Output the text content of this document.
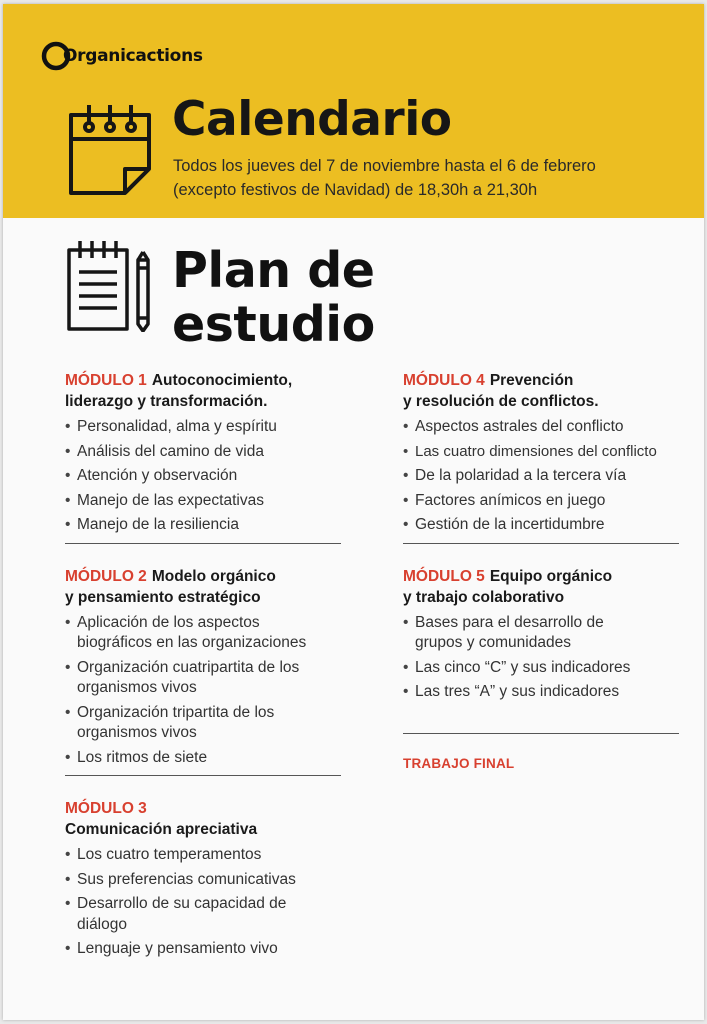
Organicactions
Calendario
Todos los jueves del 7 de noviembre hasta el 6 de febrero
(excepto festivos de Navidad) de 18,30h a 21,30h
Plan de
estudio
MÓDULO 1 Autoconocimiento,
liderazgo y transformación.
• Personalidad, alma y espíritu
• Análisis del camino de vida
• Atención y observación
• Manejo de las expectativas
• Manejo de la resiliencia
MÓDULO 2 Modelo orgánico
y pensamiento estratégico
• Aplicación de los aspectos biográficos en las organizaciones
• Organización cuatripartita de los organismos vivos
• Organización tripartita de los organismos vivos
• Los ritmos de siete
MÓDULO 3
Comunicación apreciativa
• Los cuatro temperamentos
• Sus preferencias comunicativas
• Desarrollo de su capacidad de diálogo
• Lenguaje y pensamiento vivo
MÓDULO 4 Prevención
y resolución de conflictos.
• Aspectos astrales del conflicto
• Las cuatro dimensiones del conflicto
• De la polaridad a la tercera vía
• Factores anímicos en juego
• Gestión de la incertidumbre
MÓDULO 5 Equipo orgánico
y trabajo colaborativo
• Bases para el desarrollo de grupos y comunidades
• Las cinco “C” y sus indicadores
• Las tres “A” y sus indicadores
TRABAJO FINAL
